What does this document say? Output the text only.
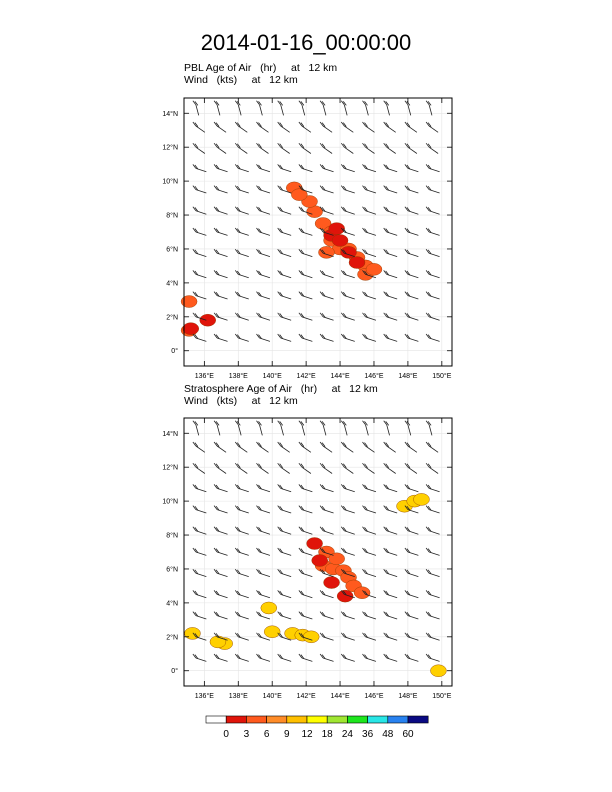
2014-01-16_00:00:00
PBL Age of Air   (hr)     at   12 km
Wind   (kts)     at   12 km
136°E 138°E 140°E 142°E 144°E 146°E 148°E 150°E
14°N
12°N
10°N
8°N
6°N
4°N
2°N
0°
Stratosphere Age of Air   (hr)     at   12 km
Wind   (kts)     at   12 km
136°E 138°E 140°E 142°E 144°E 146°E 148°E 150°E
14°N
12°N
10°N
8°N
6°N
4°N
2°N
0°
0 3 6 9 12 18 24 36 48 60
